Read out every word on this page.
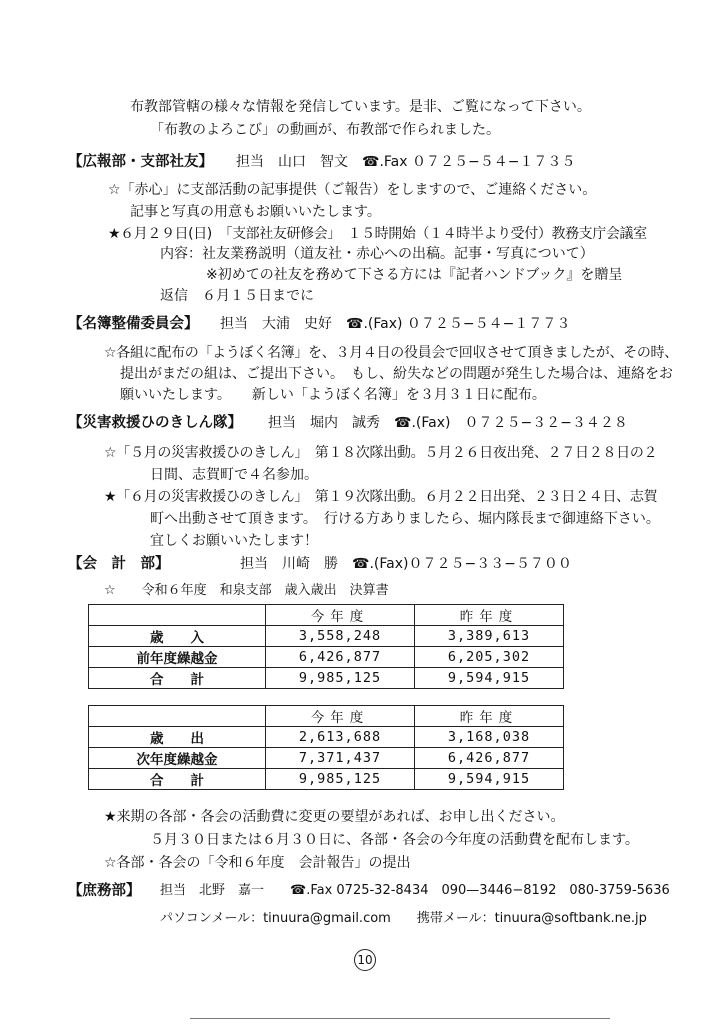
布教部管轄の様々な情報を発信しています。是非、ご覧になって下さい。
「布教のよろこび」の動画が、布教部で作られました。
【広報部・支部社友】 担当　山口　智文　☎.Fax ０７２５−５４−１７３５
☆「赤心」に支部活動の記事提供（ご報告）をしますので、ご連絡ください。
記事と写真の用意もお願いいたします。
★６月２９日(日)　「支部社友研修会」　１５時開始（１４時半より受付）教務支庁会議室
内容：社友業務説明（道友社・赤心への出稿。記事・写真について）
※初めての社友を務めて下さる方には『記者ハンドブック』を贈呈
返信　６月１５日までに
【名簿整備委員会】 担当　大浦　史好　☎.(Fax) ０７２５−５４−１７７３
☆各組に配布の「ようぼく名簿」を、３月４日の役員会で回収させて頂きましたが、その時、
提出がまだの組は、ご提出下さい。　もし、紛失などの問題が発生した場合は、連絡をお
願いいたします。　　新しい「ようぼく名簿」を３月３１日に配布。
【災害救援ひのきしん隊】 担当　堀内　誠秀　☎.(Fax)　０７２５−３２−３４２８
☆「５月の災害救援ひのきしん」　第１８次隊出動。５月２６日夜出発、２７日２８日の２
日間、志賀町で４名参加。
★「６月の災害救援ひのきしん」　第１９次隊出動。６月２２日出発、２３日２４日、志賀
町へ出動させて頂きます。　行ける方ありましたら、堀内隊長まで御連絡下さい。
宜しくお願いいたします！
【会　計　部】	担当　川崎　勝　☎.(Fax)０７２５−３３−５７００
☆　　令和６年度　和泉支部　歳入歳出　決算書
	今年度	昨年度
歳　　入	3,558,248	3,389,613
前年度繰越金	6,426,877	6,205,302
合　　計	9,985,125	9,594,915
	今年度	昨年度
歳　　出	2,613,688	3,168,038
次年度繰越金	7,371,437	6,426,877
合　　計	9,985,125	9,594,915
★来期の各部・各会の活動費に変更の要望があれば、お申し出ください。
５月３０日または６月３０日に、各部・各会の今年度の活動費を配布します。
☆各部・各会の「令和６年度　会計報告」の提出
【庶務部】 担当　北野　嘉一　　☎.Fax 0725-32-8434　090—3446−8192　080-3759-5636
パソコンメール：tinuura@gmail.com　　携帯メール：tinuura@softbank.ne.jp
10
